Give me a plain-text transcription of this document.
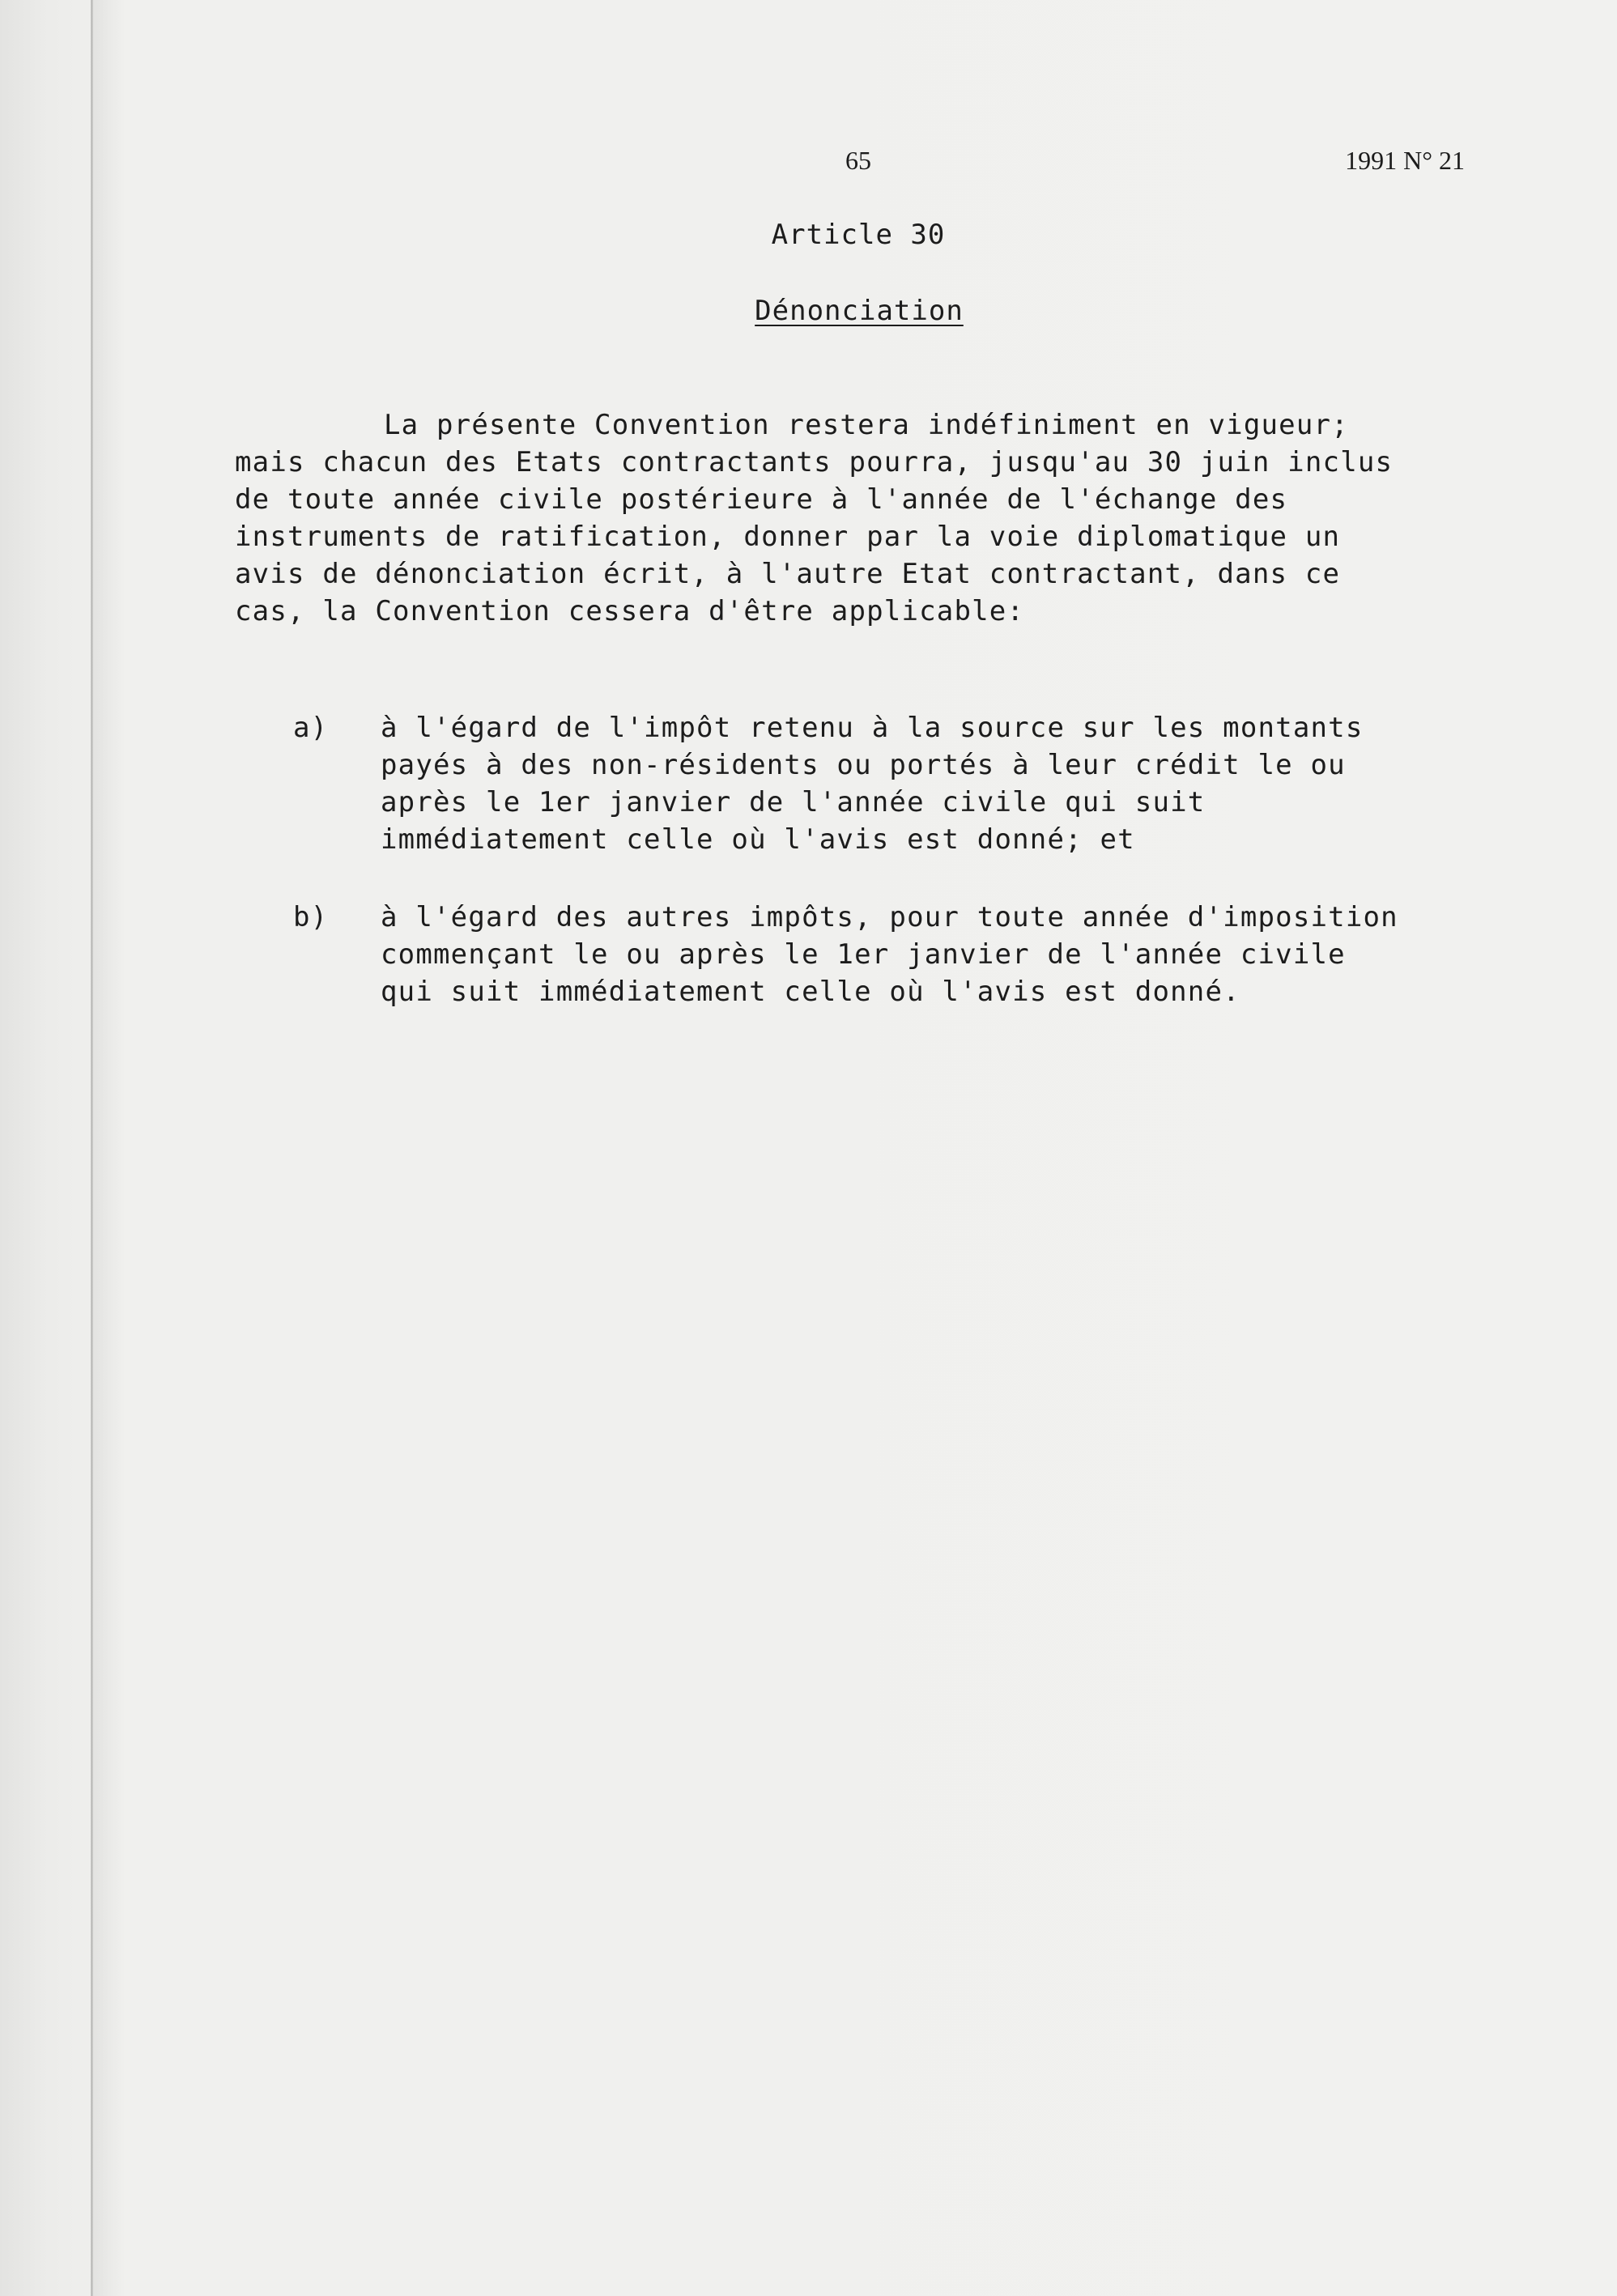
65	1991 N° 21
Article 30
Dénonciation

La présente Convention restera indéfiniment en vigueur;
mais chacun des Etats contractants pourra, jusqu'au 30 juin inclus
de toute année civile postérieure à l'année de l'échange des
instruments de ratification, donner par la voie diplomatique un
avis de dénonciation écrit, à l'autre Etat contractant, dans ce
cas, la Convention cessera d'être applicable:

a) à l'égard de l'impôt retenu à la source sur les montants
payés à des non-résidents ou portés à leur crédit le ou
après le 1er janvier de l'année civile qui suit
immédiatement celle où l'avis est donné; et
b) à l'égard des autres impôts, pour toute année d'imposition
commençant le ou après le 1er janvier de l'année civile
qui suit immédiatement celle où l'avis est donné.
